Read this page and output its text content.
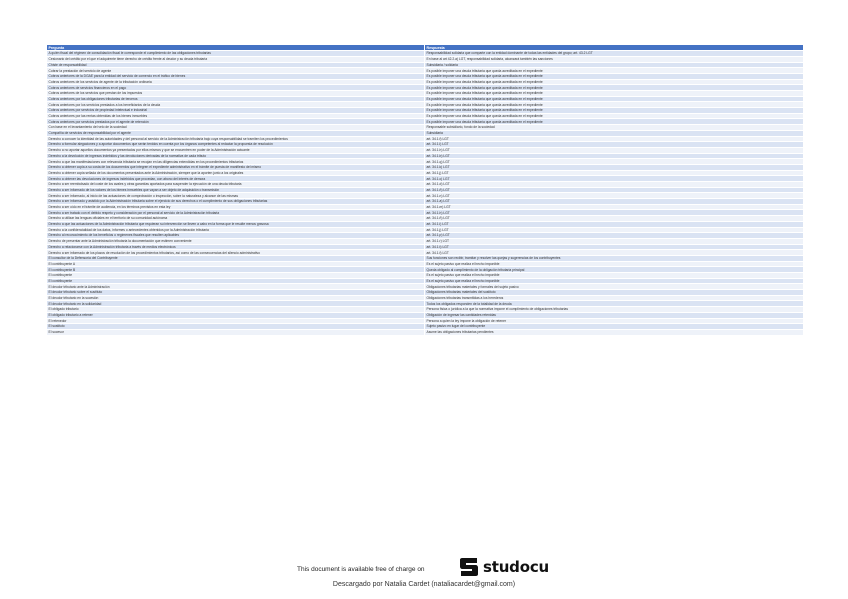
Pregunta	Respuesta
A quién fiscal del régimen de consolidación fiscal le corresponde el cumplimiento de las obligaciones tributarias	Responsabilidad solidaria que comparte con la entidad dominante de todas las entidades del grupo; art. 43.2 LGT
Cesionario del crédito por el que el adquirente tiene derecho de crédito frente al deudor y su deuda tributaria	En base al art 42.2.a) LGT, responsabilidad solidaria, alcanzará también las sanciones
Chiste de responsabilidad	Subsidiaria / solidaria
Cobrar la prestación del servicio de agente	Es posible imponer una deuda tributaria que queda acreditada en el expediente
Cobros anteriores de la DGAE para la entidad del servicio de comercio en el tráfico de bienes	Es posible imponer una deuda tributaria que queda acreditada en el expediente
Cobros anteriores de los servicios de agente de la tributación ordinaria	Es posible imponer una deuda tributaria que queda acreditada en el expediente
Cobros anteriores de servicios financieros en el pago	Es posible imponer una deuda tributaria que queda acreditada en el expediente
Cobros anteriores de los servicios que prestan de los impuestos	Es posible imponer una deuda tributaria que queda acreditada en el expediente
Cobros anteriores por las obligaciones tributarias de terceros	Es posible imponer una deuda tributaria que queda acreditada en el expediente
Cobros anteriores por los servicios prestados a los beneficiarios de la deuda	Es posible imponer una deuda tributaria que queda acreditada en el expediente
Cobros anteriores por servicios de propiedad intelectual e industrial	Es posible imponer una deuda tributaria que queda acreditada en el expediente
Cobros anteriores por las rentas obtenidas de los bienes inmuebles	Es posible imponer una deuda tributaria que queda acreditada en el expediente
Cobros anteriores por servicios prestados por el agente de retención	Es posible imponer una deuda tributaria que queda acreditada en el expediente
Con base en el levantamiento del velo de la sociedad	Responsable subsidiario, fondo de la sociedad
Compañía de servicios de responsabilidad por el agente	Subsidiaria
Derecho a conocer la identidad de las autoridades y del personal al servicio de la Administración tributaria bajo cuya responsabilidad se tramiten los procedimientos	art. 34.1.f) LGT
Derecho a formular alegaciones y a aportar documentos que serán tenidos en cuenta por los órganos competentes al redactar la propuesta de resolución	art. 34.1.l) LGT
Derecho a no aportar aquellos documentos ya presentados por ellos mismos y que se encuentren en poder de la Administración actuante	art. 34.1.h) LGT
Derecho a la devolución de ingresos indebidos y las devoluciones derivadas de la normativa de cada tributo	art. 34.1.b) LGT
Derecho a que las manifestaciones con relevancia tributaria se recojan en las diligencias extendidas en los procedimientos tributarios	art. 34.1.q) LGT
Derecho a obtener copia a su costa de los documentos que integren el expediente administrativo en el trámite de puesta de manifiesto del mismo	art. 34.1.k) LGT
Derecho a obtener copia sellada de los documentos presentados ante la Administración, siempre que la aporten junto a los originales	art. 34.1.j) LGT
Derecho a obtener las devoluciones de ingresos indebidos que procedan, con abono del interés de demora	art. 34.1.c) LGT
Derecho a ser reembolsado del coste de los avales y otras garantías aportados para suspender la ejecución de una deuda tributaria	art. 34.1.d) LGT
Derecho a ser informado de los valores de los bienes inmuebles que vayan a ser objeto de adquisición o transmisión	art. 34.1.ñ) LGT
Derecho a ser informado, al inicio de las actuaciones de comprobación o inspección, sobre la naturaleza y alcance de las mismas	art. 34.1.n) LGT
Derecho a ser informado y asistido por la Administración tributaria sobre el ejercicio de sus derechos o el cumplimiento de sus obligaciones tributarias	art. 34.1.a) LGT
Derecho a ser oído en el trámite de audiencia, en los términos previstos en esta ley	art. 34.1.m) LGT
Derecho a ser tratado con el debido respeto y consideración por el personal al servicio de la Administración tributaria	art. 34.1.h) LGT
Derecho a utilizar las lenguas oficiales en el territorio de su comunidad autónoma	art. 34.1.ñ) LGT
Derecho a que las actuaciones de la Administración tributaria que requieran su intervención se lleven a cabo en la forma que le resulte menos gravosa	art. 34.1.i) LGT
Derecho a la confidencialidad de los datos, informes o antecedentes obtenidos por la Administración tributaria	art. 34.1.j) LGT
Derecho al reconocimiento de los beneficios o regímenes fiscales que resulten aplicables	art. 34.1.p) LGT
Derecho de presentar ante la Administración tributaria la documentación que estimen conveniente	art. 34.1.r) LGT
Derecho a relacionarse con la Administración tributaria a través de medios electrónicos	art. 34.1.t) LGT
Derecho a ser informado de los plazos de resolución de los procedimientos tributarios, así como de las consecuencias del silencio administrativo	art. 34.1.f) LGT
El consultor de la Defensoría del Contribuyente	Sus funciones son recibir, tramitar y resolver las quejas y sugerencias de los contribuyentes
El contribuyente A	Es el sujeto pasivo que realiza el hecho imponible
El contribuyente B	Queda obligado al cumplimiento de la obligación tributaria principal
El contribuyente	Es el sujeto pasivo que realiza el hecho imponible
El contribuyente	Es el sujeto pasivo que realiza el hecho imponible
El deudor tributario ante la Administración	Obligaciones tributarias materiales y formales del sujeto pasivo
El deudor tributario sobre el sustituto	Obligaciones tributarias materiales del sustituto
El deudor tributario en la sucesión	Obligaciones tributarias transmitidas a los herederos
El deudor tributario en la solidaridad	Todos los obligados responden de la totalidad de la deuda
El obligado tributario	Persona física o jurídica a la que la normativa impone el cumplimiento de obligaciones tributarias
El obligado tributario a retener	Obligación de ingresar las cantidades retenidas
El retenedor	Persona a quien la ley impone la obligación de retener
El sustituto	Sujeto pasivo en lugar del contribuyente
El sucesor	Asume las obligaciones tributarias pendientes
This document is available free of charge on	studocu
Descargado por Natalia Cardet (nataliacardet@gmail.com)
